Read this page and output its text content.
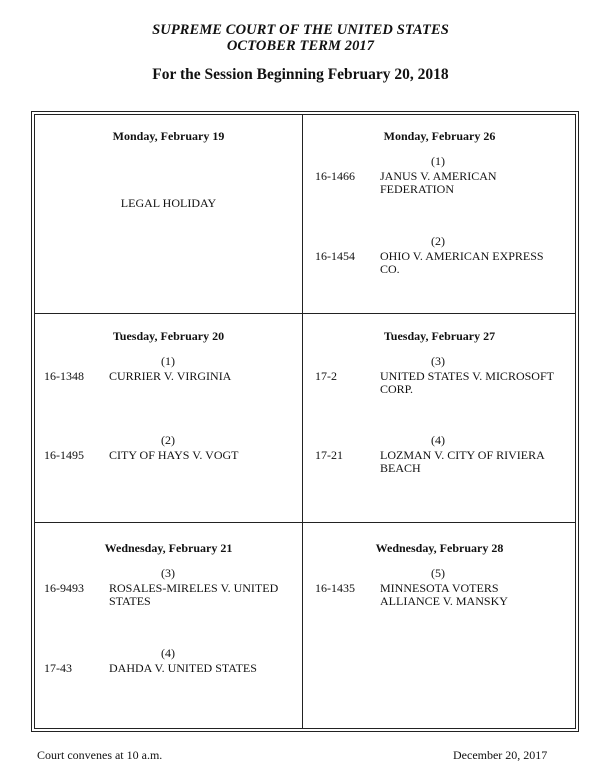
SUPREME COURT OF THE UNITED STATES
OCTOBER TERM 2017
For the Session Beginning February 20, 2018
Monday, February 19
LEGAL HOLIDAY
Monday, February 26
(1)
16-1466 JANUS V. AMERICAN FEDERATION
(2)
16-1454 OHIO V. AMERICAN EXPRESS CO.
Tuesday, February 20
(1)
16-1348 CURRIER V. VIRGINIA
(2)
16-1495 CITY OF HAYS V. VOGT
Tuesday, February 27
(3)
17-2	UNITED STATES V. MICROSOFT CORP.
(4)
17-21	LOZMAN V. CITY OF RIVIERA BEACH
Wednesday, February 21
(3)
16-9493 ROSALES-MIRELES V. UNITED STATES
(4)
17-43	DAHDA V. UNITED STATES
Wednesday, February 28
(5)
16-1435 MINNESOTA VOTERS ALLIANCE V. MANSKY
Court convenes at 10 a.m.	December 20, 2017
